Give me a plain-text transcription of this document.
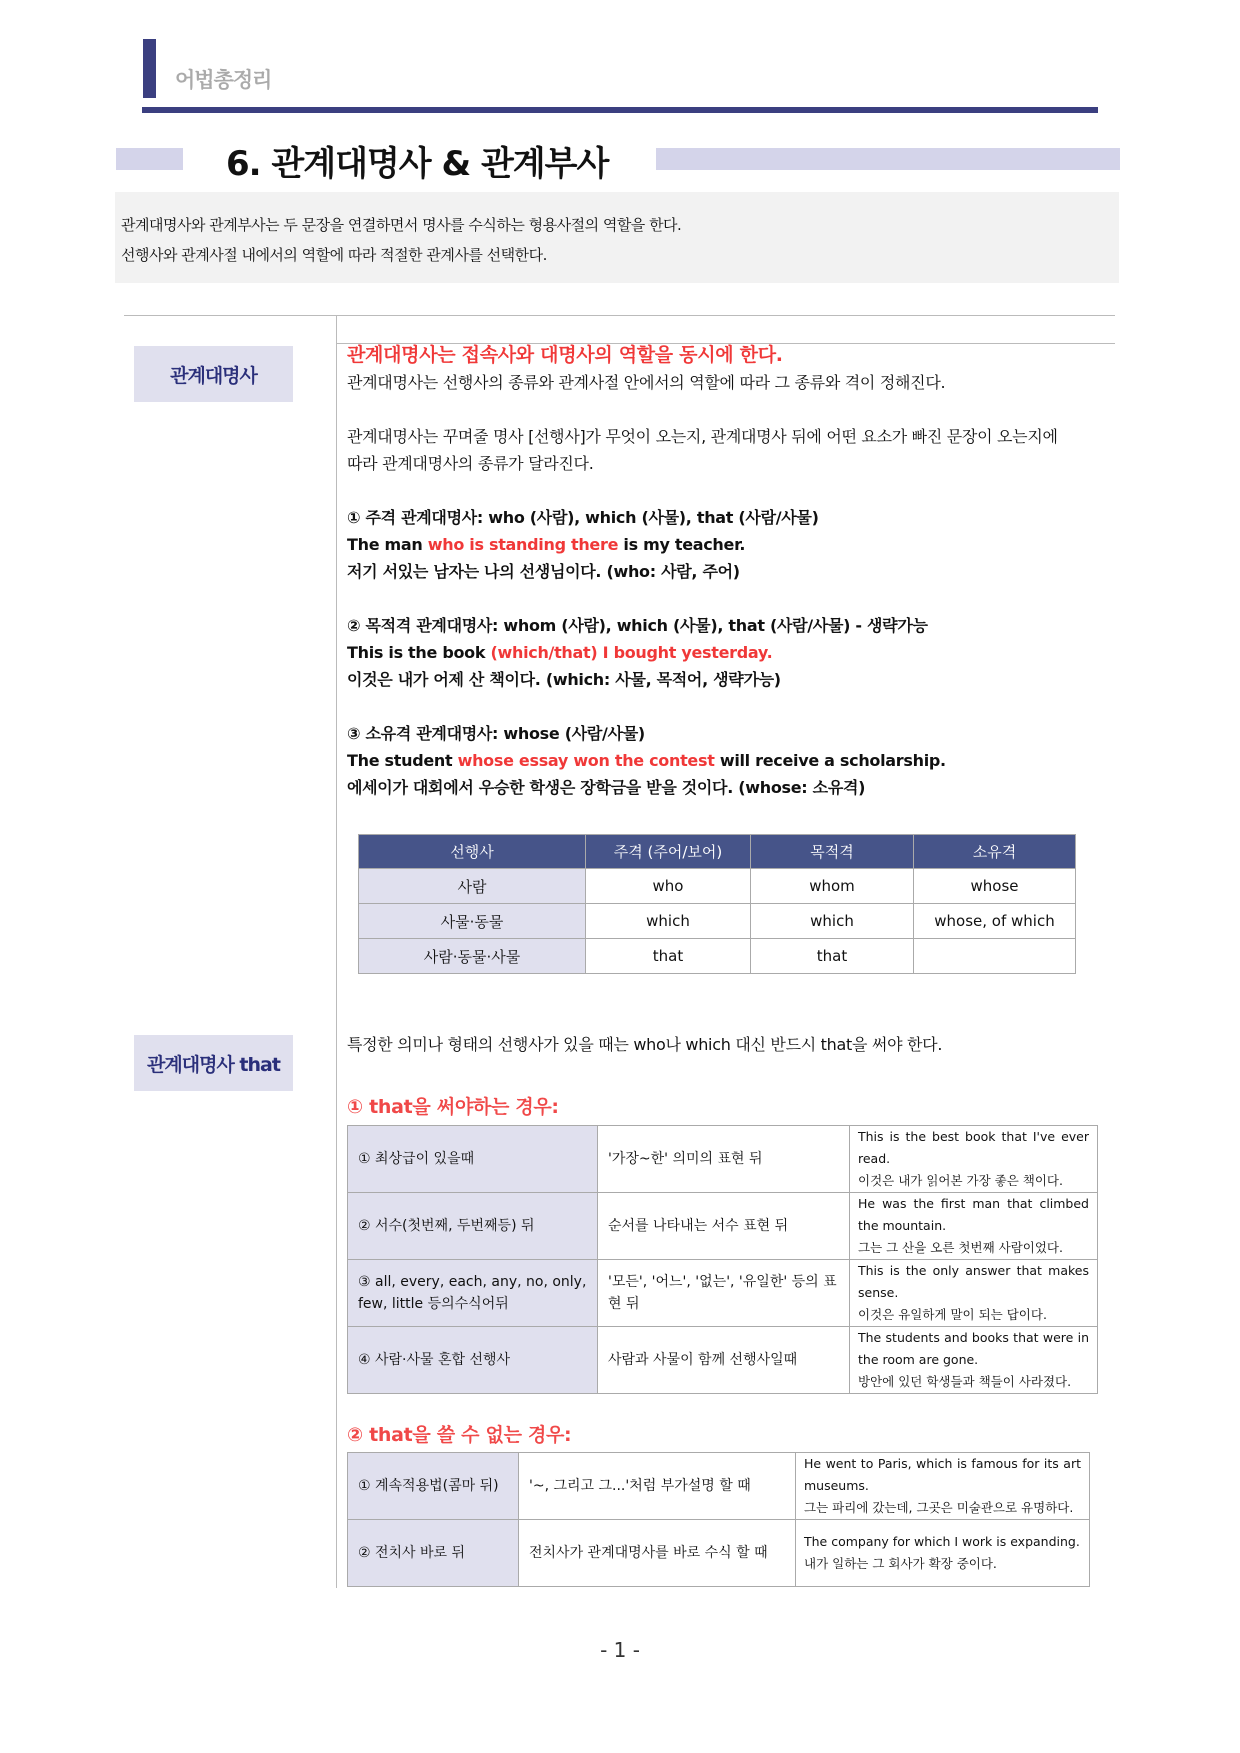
어법총정리
6. 관계대명사 & 관계부사
관계대명사와 관계부사는 두 문장을 연결하면서 명사를 수식하는 형용사절의 역할을 한다.
선행사와 관계사절 내에서의 역할에 따라 적절한 관계사를 선택한다.
관계대명사
관계대명사는 접속사와 대명사의 역할을 동시에 한다.
관계대명사는 선행사의 종류와 관계사절 안에서의 역할에 따라 그 종류와 격이 정해진다.
관계대명사는 꾸며줄 명사 [선행사]가 무엇이 오는지, 관계대명사 뒤에 어떤 요소가 빠진 문장이 오는지에
따라 관계대명사의 종류가 달라진다.
① 주격 관계대명사: who (사람), which (사물), that (사람/사물)
The man who is standing there is my teacher.
저기 서있는 남자는 나의 선생님이다. (who: 사람, 주어)
② 목적격 관계대명사: whom (사람), which (사물), that (사람/사물) - 생략가능
This is the book (which/that) I bought yesterday.
이것은 내가 어제 산 책이다. (which: 사물, 목적어, 생략가능)
③ 소유격 관계대명사: whose (사람/사물)
The student whose essay won the contest will receive a scholarship.
에세이가 대회에서 우승한 학생은 장학금을 받을 것이다. (whose: 소유격)
선행사	주격 (주어/보어)	목적격	소유격
사람	who	whom	whose
사물·동물	which	which	whose, of which
사람·동물·사물	that	that	
관계대명사 that
특정한 의미나 형태의 선행사가 있을 때는 who나 which 대신 반드시 that을 써야 한다.
① that을 써야하는 경우:
① 최상급이 있을때	'가장~한' 의미의 표현 뒤	This is the best book that I've ever read.
이것은 내가 읽어본 가장 좋은 책이다.

② 서수(첫번째, 두번째등) 뒤	순서를 나타내는 서수 표현 뒤	He was the first man that climbed the mountain.
그는 그 산을 오른 첫번째 사람이었다.

③ all, every, each, any, no, only, few, little 등의수식어뒤	'모든', '어느', '없는', '유일한' 등의 표현 뒤	This is the only answer that makes sense.
이것은 유일하게 말이 되는 답이다.

④ 사람·사물 혼합 선행사	사람과 사물이 함께 선행사일때	The students and books that were in the room are gone.
방안에 있던 학생들과 책들이 사라졌다.
② that을 쓸 수 없는 경우:
① 계속적용법(콤마 뒤)	'~, 그리고 그...'처럼 부가설명 할 때	He went to Paris, which is famous for its art museums.
그는 파리에 갔는데, 그곳은 미술관으로 유명하다.

② 전치사 바로 뒤	전치사가 관계대명사를 바로 수식 할 때	The company for which I work is expanding.
내가 일하는 그 회사가 확장 중이다.
- 1 -
